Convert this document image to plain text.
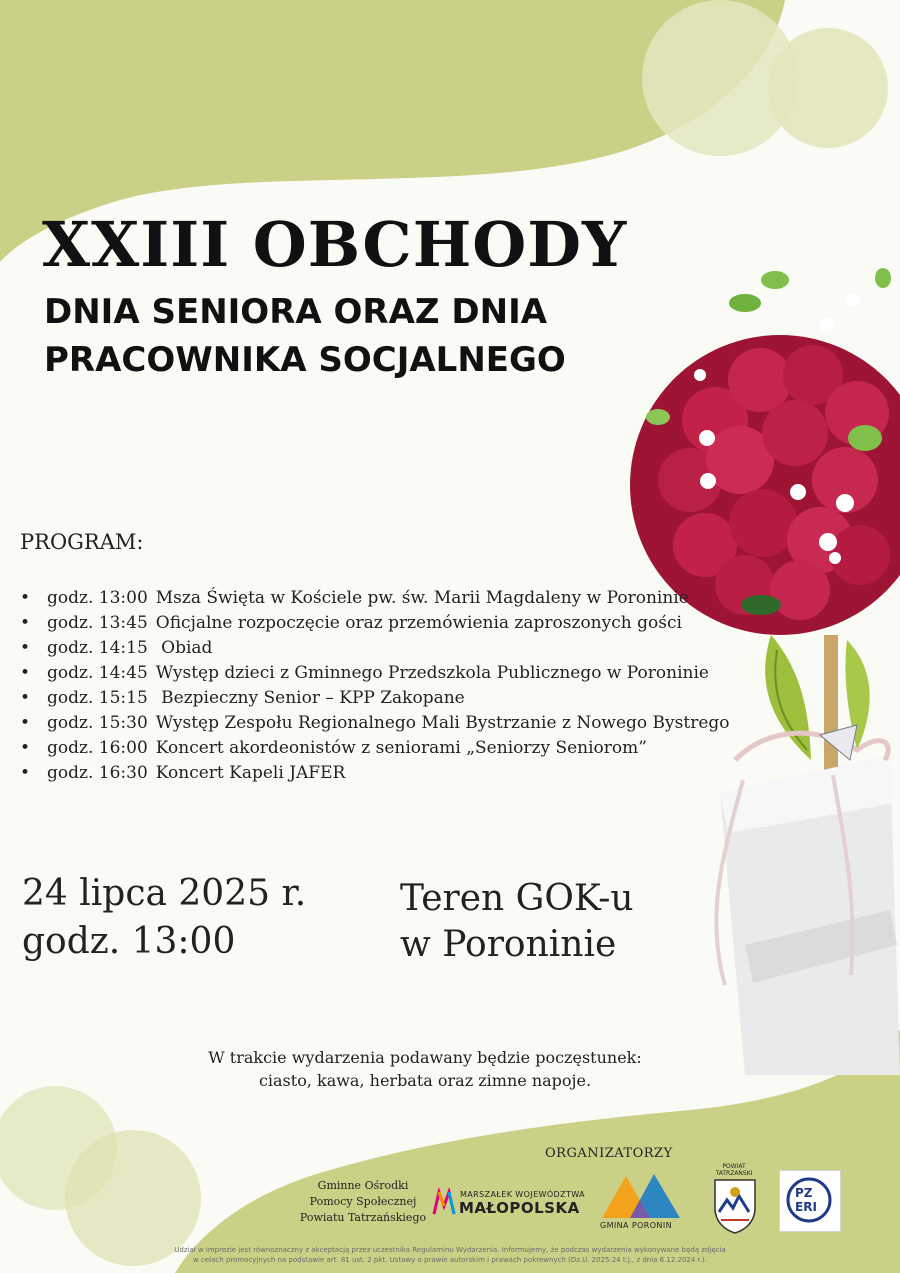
XXIII OBCHODY
DNIA SENIORA ORAZ DNIA
PRACOWNIKA SOCJALNEGO
PROGRAM:
• godz. 13:00 Msza Święta w Kościele pw. św. Marii Magdaleny w Poroninie
• godz. 13:45 Oficjalne rozpoczęcie oraz przemówienia zaproszonych gości
• godz. 14:15 Obiad
• godz. 14:45 Występ dzieci z Gminnego Przedszkola Publicznego w Poroninie
• godz. 15:15 Bezpieczny Senior – KPP Zakopane
• godz. 15:30 Występ Zespołu Regionalnego Mali Bystrzanie z Nowego Bystrego
• godz. 16:00 Koncert akordeonistów z seniorami „Seniorzy Seniorom”
• godz. 16:30 Koncert Kapeli JAFER
24 lipca 2025 r.
godz. 13:00
Teren GOK-u
w Poroninie
W trakcie wydarzenia podawany będzie poczęstunek:
ciasto, kawa, herbata oraz zimne napoje.
ORGANIZATORZY
Gminne Ośrodki
Pomocy Społecznej
Powiatu Tatrzańskiego
MARSZAŁEK WOJEWÓDZTWA
MAŁOPOLSKA
GMINA PORONIN
POWIAT
TATRZAŃSKI
PZ
ERI
Udział w imprezie jest równoznaczny z akceptacją przez uczestnika Regulaminu Wydarzenia. Informujemy, że podczas wydarzenia wykonywane będą zdjęcia
w celach promocyjnych na podstawie art. 81 ust. 2 pkt. Ustawy o prawie autorskim i prawach pokrewnych (Dz.U. 2025.24 t.j., z dnia 6.12.2024 r.).
